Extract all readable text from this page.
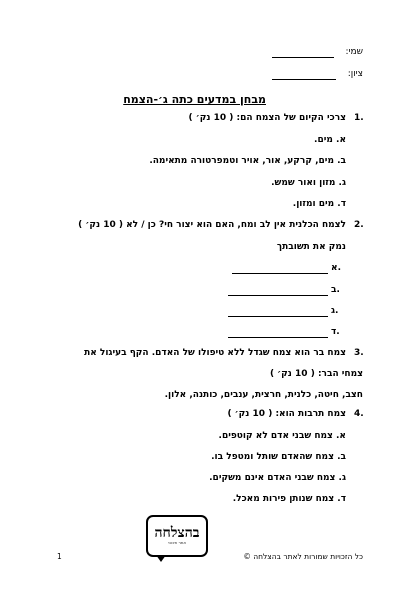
שמי:
ציון:
מבחן במדעים כתה ג׳-הצמח
1.
צרכי הקיום של הצמח הם: ( 10 נק׳ )
א. מים.
ב. מים, קרקע, אור, אויר וטמפרטורה מתאימה.
ג. מזון ואור שמש.
ד. מים ומזון.
2.
לצמח הכלנית אין לב ומח, האם הוא יצור חי? כן / לא ( 10 נק׳ )
נמק את תשובתך
א.
ב.
ג.
ד.
3.
צמח בר הוא צמח שגדל ללא טיפולו של האדם. הקף בעיגול את
צמחי הבר: ( 10 נק׳ )
חצב, חיטה, כלנית, חרצית, ענבים, כותנה, אלון.
4.
צמח תרבות הוא: ( 10 נק׳ )
א. צמח שבני אדם לא קוטפים.
ב. צמח שהאדם שותל ומטפל בו.
ג. צמח שבני האדם אינם משקים.
ד. צמח שנותן פירות מאכל.
בהצלחה
אתר חינוכי
1	כל הזכויות שמורות לאתר בהצלחה ©
